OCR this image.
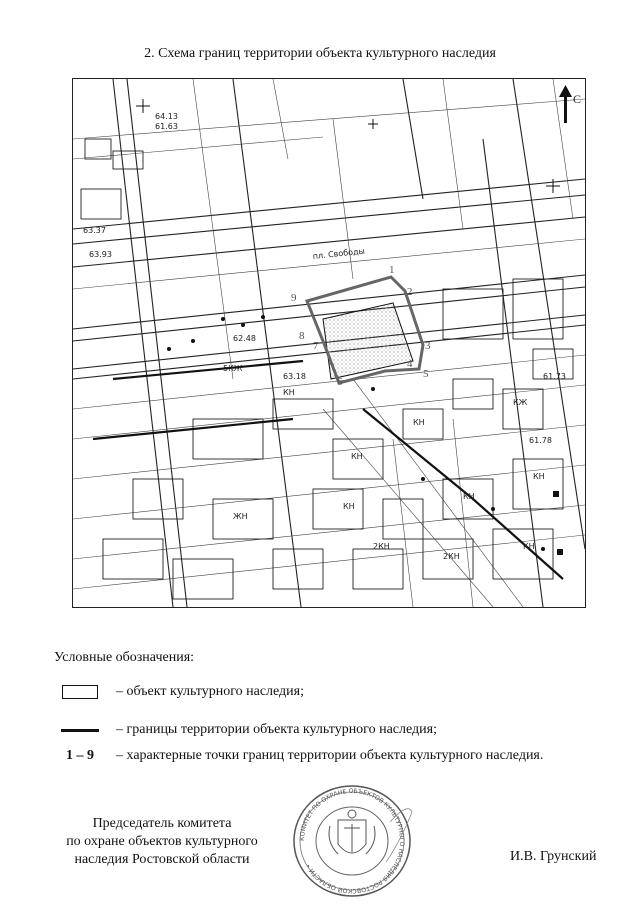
2. Схема границ территории объекта культурного наследия
С
пл. Свободы
1
2
3
4
5
6
7
8
9
КН
КН
КН
2КН
КН
КЖ
5КЖ
КН
2КН
КН
ЖН
КН
64.13
61.63
63.37
63.93
62.48
63.18
61.78
61.73
Условные обозначения:
– объект культурного наследия;
– границы территории объекта культурного наследия;
1 – 9 – характерные точки границ территории объекта культурного наследия.
Председатель комитета
по охране объектов культурного
наследия Ростовской области
КОМИТЕТ ПО ОХРАНЕ ОБЪЕКТОВ КУЛЬТУРНОГО НАСЛЕДИЯ РОСТОВСКОЙ ОБЛАСТИ •
И.В. Грунский
